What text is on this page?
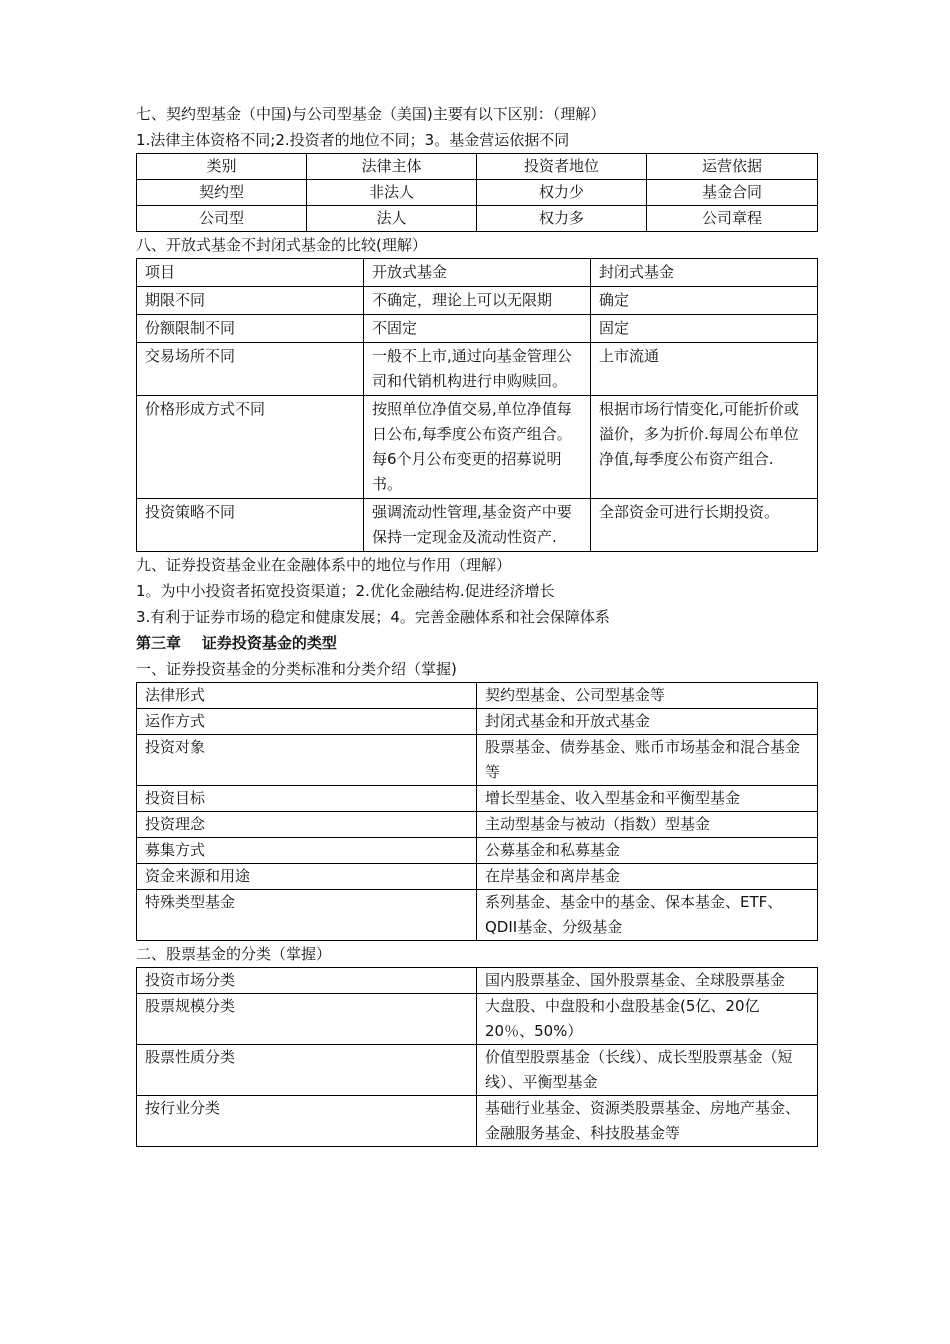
七、契约型基金（中国)与公司型基金（美国)主要有以下区别：（理解）
1.法律主体资格不同;2.投资者的地位不同；3。基金营运依据不同
类别	法律主体	投资者地位	运营依据
契约型	非法人	权力少	基金合同
公司型	法人	权力多	公司章程
八、开放式基金不封闭式基金的比较(理解）
项目	开放式基金	封闭式基金
期限不同	不确定，理论上可以无限期	确定
份额限制不同	不固定	固定
交易场所不同	一般不上市,通过向基金管理公司和代销机构进行申购赎回。	上市流通
价格形成方式不同	按照单位净值交易,单位净值每日公布,每季度公布资产组合。每6个月公布变更的招募说明书。	根据市场行情变化,可能折价或溢价，多为折价.每周公布单位净值,每季度公布资产组合.
投资策略不同	强调流动性管理,基金资产中要保持一定现金及流动性资产.	全部资金可进行长期投资。
九、证券投资基金业在金融体系中的地位与作用（理解）
1。为中小投资者拓宽投资渠道；2.优化金融结构.促进经济增长
3.有利于证券市场的稳定和健康发展；4。完善金融体系和社会保障体系
第三章    证券投资基金的类型
一、证券投资基金的分类标准和分类介绍（掌握)
法律形式	契约型基金、公司型基金等
运作方式	封闭式基金和开放式基金
投资对象	股票基金、债券基金、账币市场基金和混合基金等
投资目标	增长型基金、收入型基金和平衡型基金
投资理念	主动型基金与被动（指数）型基金
募集方式	公募基金和私募基金
资金来源和用途	在岸基金和离岸基金
特殊类型基金	系列基金、基金中的基金、保本基金、ETF、QDII基金、分级基金
二、股票基金的分类（掌握）
投资市场分类	国内股票基金、国外股票基金、全球股票基金
股票规模分类	大盘股、中盘股和小盘股基金(5亿、20亿 20％、50%）
股票性质分类	价值型股票基金（长线）、成长型股票基金（短线）、平衡型基金
按行业分类	基础行业基金、资源类股票基金、房地产基金、金融服务基金、科技股基金等
